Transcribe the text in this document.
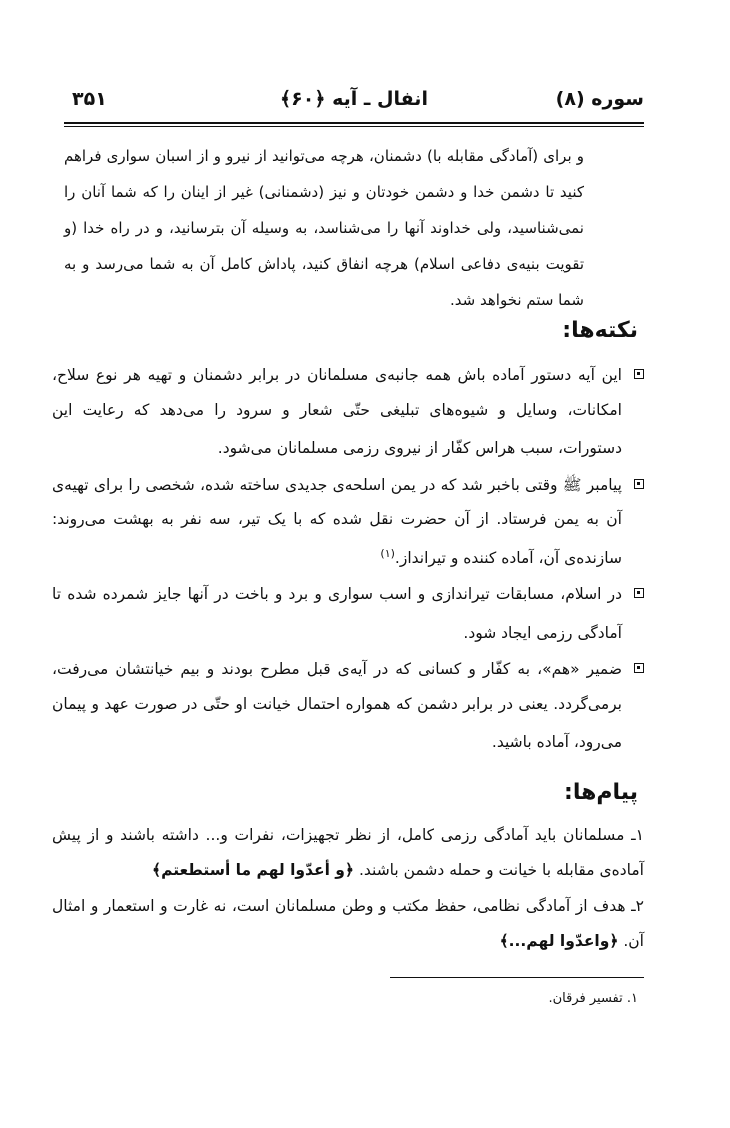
سوره (۸)
انفال ـ آیه ﴿۶۰﴾
۳۵۱

و برای (آمادگی مقابله با) دشمنان، هرچه می‌توانید از نیرو و از اسبان سواری فراهم کنید تا دشمن خدا و دشمن خودتان و نیز (دشمنانی) غیر از اینان را که شما آنان را نمی‌شناسید، ولی خداوند آنها را می‌شناسد، به وسیله آن بترسانید، و در راه خدا (و تقویت بنیه‌ی دفاعی اسلام) هرچه انفاق کنید، پاداش کامل آن به شما می‌رسد و به شما ستم نخواهد شد.

نکته‌ها:
این آیه دستور آماده باش همه جانبه‌ی مسلمانان در برابر دشمنان و تهیه هر نوع سلاح، امکانات، وسایل و شیوه‌های تبلیغی حتّی شعار و سرود را می‌دهد که رعایت این دستورات، سبب هراس کفّار از نیروی رزمی مسلمانان می‌شود.
پیامبر ﷺ وقتی باخبر شد که در یمن اسلحه‌ی جدیدی ساخته شده، شخصی را برای تهیه‌ی آن به یمن فرستاد. از آن حضرت نقل شده که با یک تیر، سه نفر به بهشت می‌روند: سازنده‌ی آن، آماده کننده و تیرانداز.$^{(۱)}$
در اسلام، مسابقات تیراندازی و اسب سواری و برد و باخت در آنها جایز شمرده شده تا آمادگی رزمی ایجاد شود.
ضمیر «هم»، به کفّار و کسانی که در آیه‌ی قبل مطرح بودند و بیم خیانتشان می‌رفت، برمی‌گردد. یعنی در برابر دشمن که همواره احتمال خیانت او حتّی در صورت عهد و پیمان می‌رود، آماده باشید.
پیام‌ها:
۱ـ مسلمانان باید آمادگی رزمی کامل، از نظر تجهیزات، نفرات و... داشته باشند و از پیش آماده‌ی مقابله با خیانت و حمله دشمن باشند. ﴿و أعدّوا لهم ما أستطعتم﴾
۲ـ هدف از آمادگی نظامی، حفظ مکتب و وطن مسلمانان است، نه غارت و استعمار و امثال آن. ﴿واعدّوا لهم...﴾
۱. تفسیر فرقان.
